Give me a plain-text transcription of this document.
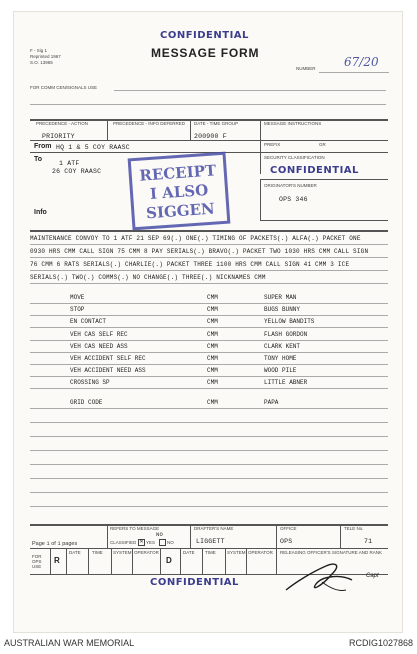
CONFIDENTIAL
MESSAGE FORM
F - Sig 1
Reprinted 1967
S.O. 13965
NUMBER 67/20
FOR COMM CEN/SIGNALS USE
PRECEDENCE - ACTION	PRECEDENCE - INFO DEFERRED DATE - TIME GROUP	MESSAGE INSTRUCTIONS
PRIORITY	200900 F
PREFIX	GR
From HQ 1 & 5 COY RAASC
To
1 ATF
26 COY RAASC
SECURITY CLASSIFICATION
CONFIDENTIAL
ORIGINATOR'S NUMBER
OPS 346
Info
MAINTENANCE CONVOY TO 1 ATF 21 SEP 69(.) ONE(.) TIMING OF PACKETS(.) ALFA(.) PACKET ONE
0930 HRS CMM CALL SIGN 75 CMM 8 PAY SERIALS(.) BRAVO(.) PACKET TWO 1030 HRS CMM CALL SIGN
76 CMM 6 RATS SERIALS(.) CHARLIE(.) PACKET THREE 1100 HRS CMM CALL SIGN 41 CMM 3 ICE
SERIALS(.) TWO(.) COMMS(.) NO CHANGE(.) THREE(.) NICKNAMES CMM
MOVE	CMM	SUPER MAN
STOP	CMM	BUGS BUNNY
EN CONTACT	CMM	YELLOW BANDITS
VEH CAS SELF REC	CMM	FLASH GORDON
VEH CAS NEED ASS	CMM	CLARK KENT
VEH ACCIDENT SELF REC	CMM	TONY HOME
VEH ACCIDENT NEED ASS	CMM	WOOD PILE
CROSSING SP	CMM	LITTLE ABNER
GRID CODE	CMM	PAPA
REFERS TO MESSAGE	DRAFTER'S NAME	OFFICE	TELE No.
NO
Page 1 of 1 pages	CLASSIFIED ✕ YES	NO	LIGGETT	OPS	71
FOR OPS USE
R
DATE	TIME SYSTEM OPERATOR
D
DATE TIME	SYSTEM OPERATOR RELEASING OFFICER'S SIGNATURE AND RANK
Capt
CONFIDENTIAL
RECEIPT
I ALSO
SIGGEN
AUSTRALIAN WAR MEMORIAL	RCDIG1027868
